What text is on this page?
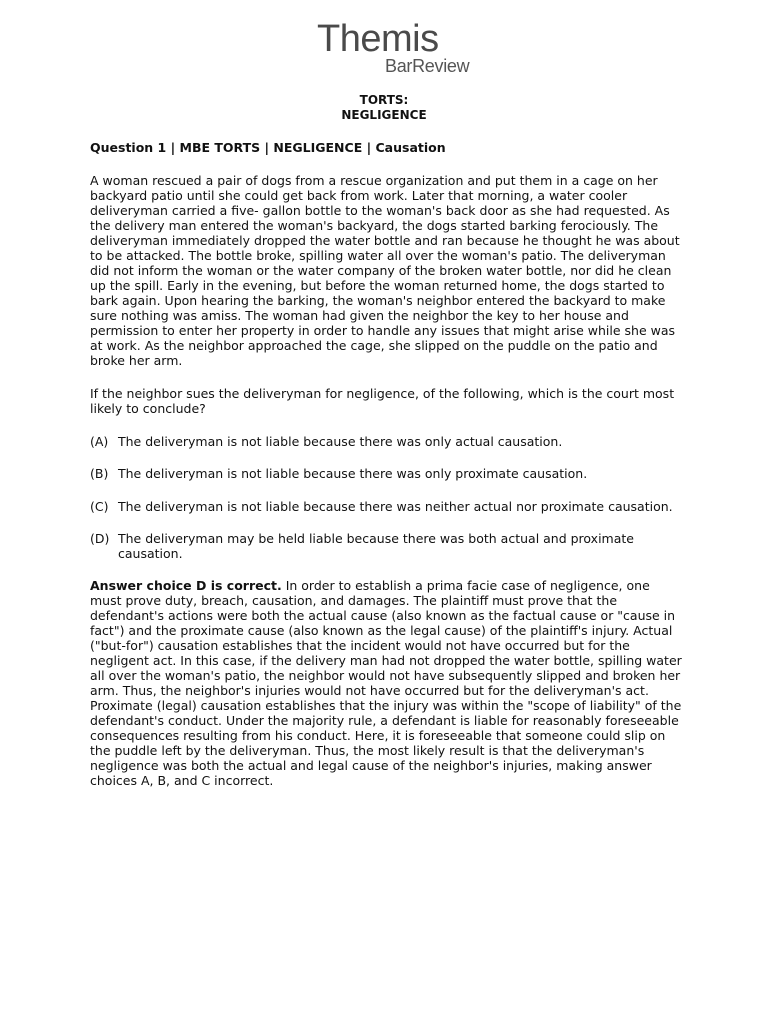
Themis
BarReview
TORTS:
NEGLIGENCE
Question 1 | MBE TORTS | NEGLIGENCE | Causation

A woman rescued a pair of dogs from a rescue organization and put them in a cage on her backyard patio until she could get back from work. Later that morning, a water cooler deliveryman carried a five- gallon bottle to the woman's back door as she had requested. As the delivery man entered the woman's backyard, the dogs started barking ferociously. The deliveryman immediately dropped the water bottle and ran because he thought he was about to be attacked. The bottle broke, spilling water all over the woman's patio. The deliveryman did not inform the woman or the water company of the broken water bottle, nor did he clean up the spill. Early in the evening, but before the woman returned home, the dogs started to bark again. Upon hearing the barking, the woman's neighbor entered the backyard to make sure nothing was amiss. The woman had given the neighbor the key to her house and permission to enter her property in order to handle any issues that might arise while she was at work. As the neighbor approached the cage, she slipped on the puddle on the patio and broke her arm.

If the neighbor sues the deliveryman for negligence, of the following, which is the court most likely to conclude?

(A) The deliveryman is not liable because there was only actual causation.
(B) The deliveryman is not liable because there was only proximate causation.
(C) The deliveryman is not liable because there was neither actual nor proximate causation.
(D) The deliveryman may be held liable because there was both actual and proximate causation.

Answer choice D is correct. In order to establish a prima facie case of negligence, one must prove duty, breach, causation, and damages. The plaintiff must prove that the defendant's actions were both the actual cause (also known as the factual cause or "cause in fact") and the proximate cause (also known as the legal cause) of the plaintiff's injury. Actual ("but-for") causation establishes that the incident would not have occurred but for the negligent act. In this case, if the delivery man had not dropped the water bottle, spilling water all over the woman's patio, the neighbor would not have subsequently slipped and broken her arm. Thus, the neighbor's injuries would not have occurred but for the deliveryman's act. Proximate (legal) causation establishes that the injury was within the "scope of liability" of the defendant's conduct. Under the majority rule, a defendant is liable for reasonably foreseeable consequences resulting from his conduct. Here, it is foreseeable that someone could slip on the puddle left by the deliveryman. Thus, the most likely result is that the deliveryman's negligence was both the actual and legal cause of the neighbor's injuries, making answer choices A, B, and C incorrect.
